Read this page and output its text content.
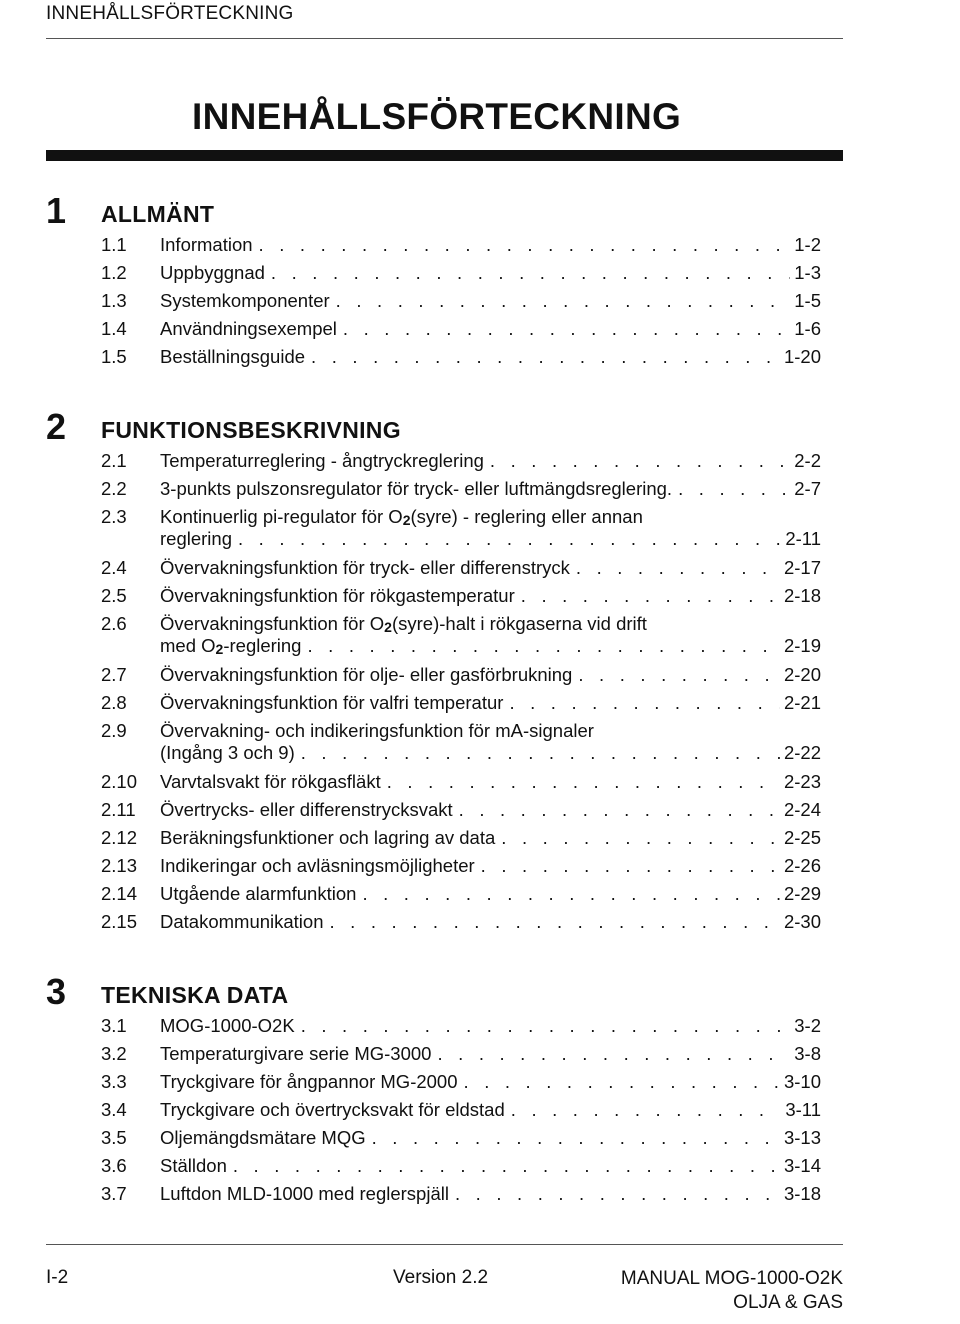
INNEHÅLLSFÖRTECKNING
INNEHÅLLSFÖRTECKNING
1 ALLMÄNT
1.1 Information . . .	1-2
1.2 Uppbyggnad . . .	1-3
1.3 Systemkomponenter . . .	1-5
1.4 Användningsexempel . . .	1-6
1.5 Beställningsguide . . .	1-20
2 FUNKTIONSBESKRIVNING
2.1 Temperaturreglering - ångtryckreglering . . .	2-2
2.2 3-punkts pulszonsregulator för tryck- eller luftmängdsreglering. . . .	2-7
2.3 Kontinuerlig pi-regulator för $O_2(syre)$ - reglering eller annan
reglering . . .	2-11
2.4 Övervakningsfunktion för tryck- eller differenstryck . . .	2-17
2.5 Övervakningsfunktion för rökgastemperatur . . .	2-18
2.6 Övervakningsfunktion för $O_2(syre)$-halt i rökgaserna vid drift
med $O_2$-reglering . . .	2-19
2.7 Övervakningsfunktion för olje- eller gasförbrukning . . .	2-20
2.8 Övervakningsfunktion för valfri temperatur . . .	2-21
2.9 Övervakning- och indikeringsfunktion för mA-signaler
(Ingång 3 och 9) . . .	2-22
2.10 Varvtalsvakt för rökgasfläkt . . .	2-23
2.11 Övertrycks- eller differenstrycksvakt . . .	2-24
2.12 Beräkningsfunktioner och lagring av data . . .	2-25
2.13 Indikeringar och avläsningsmöjligheter . . .	2-26
2.14 Utgående alarmfunktion . . .	2-29
2.15 Datakommunikation . . .	2-30
3 TEKNISKA DATA
3.1 MOG-1000-O2K . . .	3-2
3.2 Temperaturgivare serie MG-3000 . . .	3-8
3.3 Tryckgivare för ångpannor MG-2000 . . .	3-10
3.4 Tryckgivare och övertrycksvakt för eldstad . . .	3-11
3.5 Oljemängdsmätare MQG . . .	3-13
3.6 Ställdon . . .	3-14
3.7 Luftdon MLD-1000 med reglerspjäll . . .	3-18
I-2	Version 2.2	MANUAL MOG-1000-O2K
OLJA & GAS
